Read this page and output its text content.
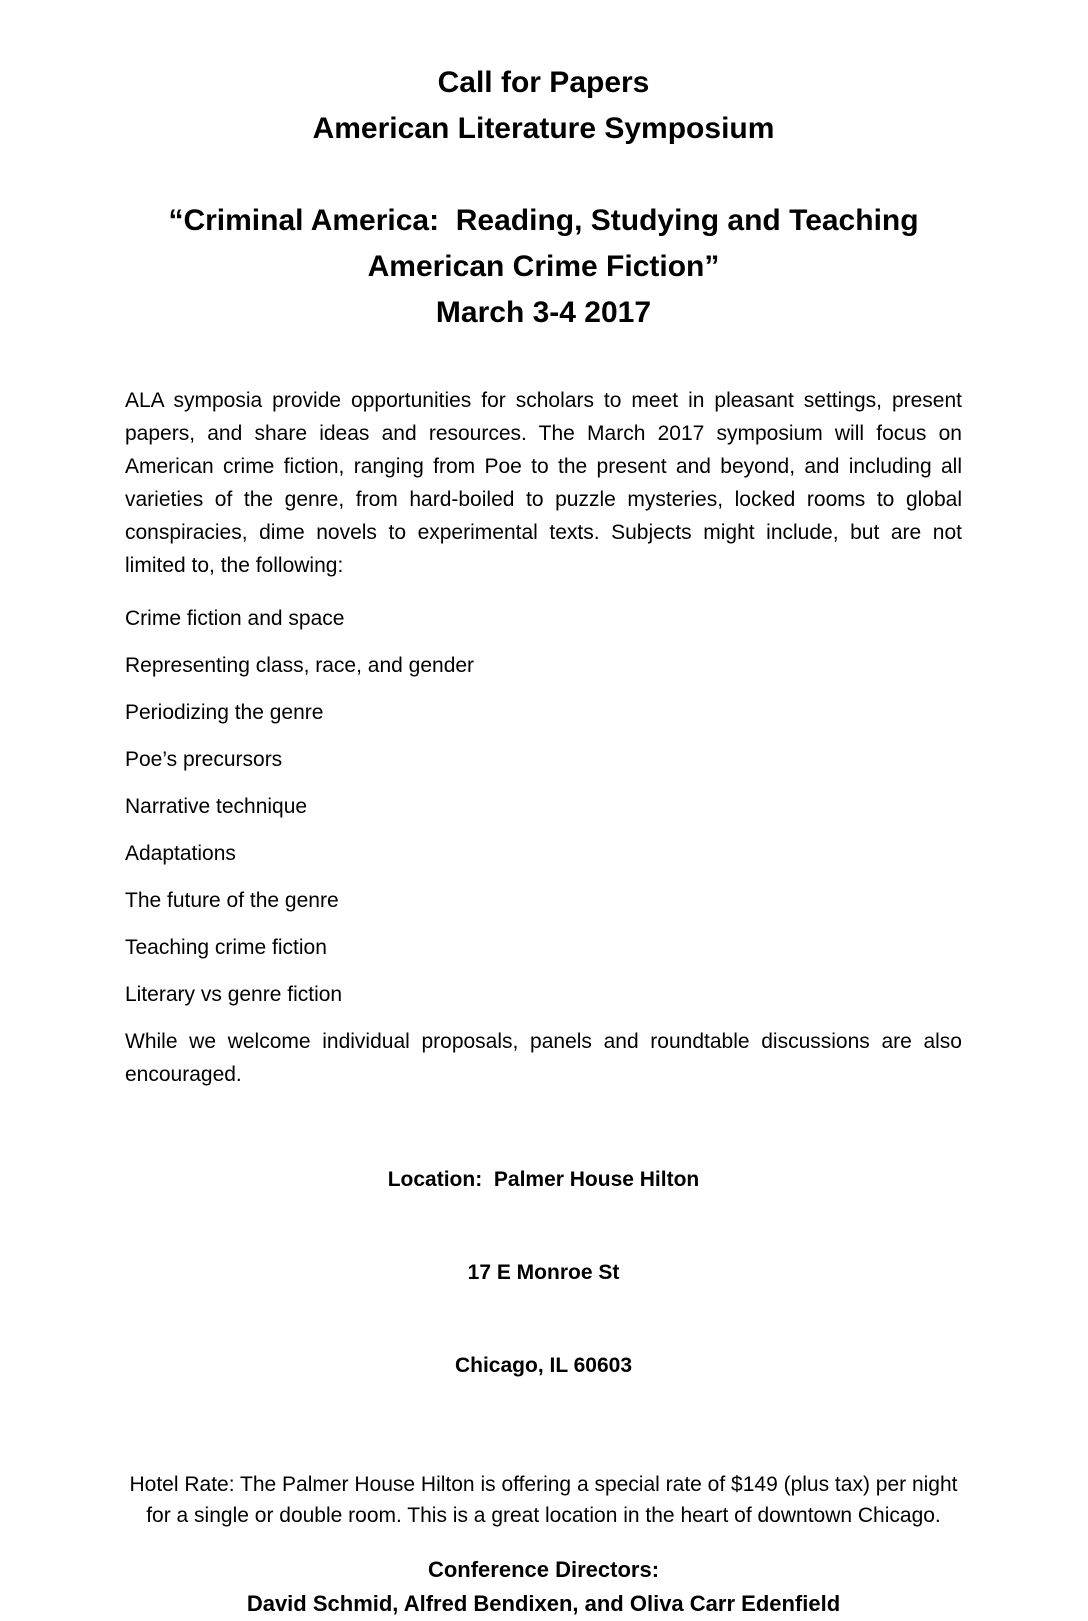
Call for Papers
American Literature Symposium
“Criminal America:  Reading, Studying and Teaching
American Crime Fiction”
March 3-4 2017

ALA symposia provide opportunities for scholars to meet in pleasant settings, present papers, and share ideas and resources. The March 2017 symposium will focus on American crime fiction, ranging from Poe to the present and beyond, and including all varieties of the genre, from hard-boiled to puzzle mysteries, locked rooms to global conspiracies, dime novels to experimental texts. Subjects might include, but are not limited to, the following:

Crime fiction and space
Representing class, race, and gender
Periodizing the genre
Poe’s precursors
Narrative technique
Adaptations
The future of the genre
Teaching crime fiction
Literary vs genre fiction

While we welcome individual proposals, panels and roundtable discussions are also encouraged.

Location:  Palmer House Hilton

17 E Monroe St

Chicago, IL 60603

Hotel Rate: The Palmer House Hilton is offering a special rate of $149 (plus tax) per night for a single or double room. This is a great location in the heart of downtown Chicago.

Conference Directors:
David Schmid, Alfred Bendixen, and Oliva Carr Edenfield
